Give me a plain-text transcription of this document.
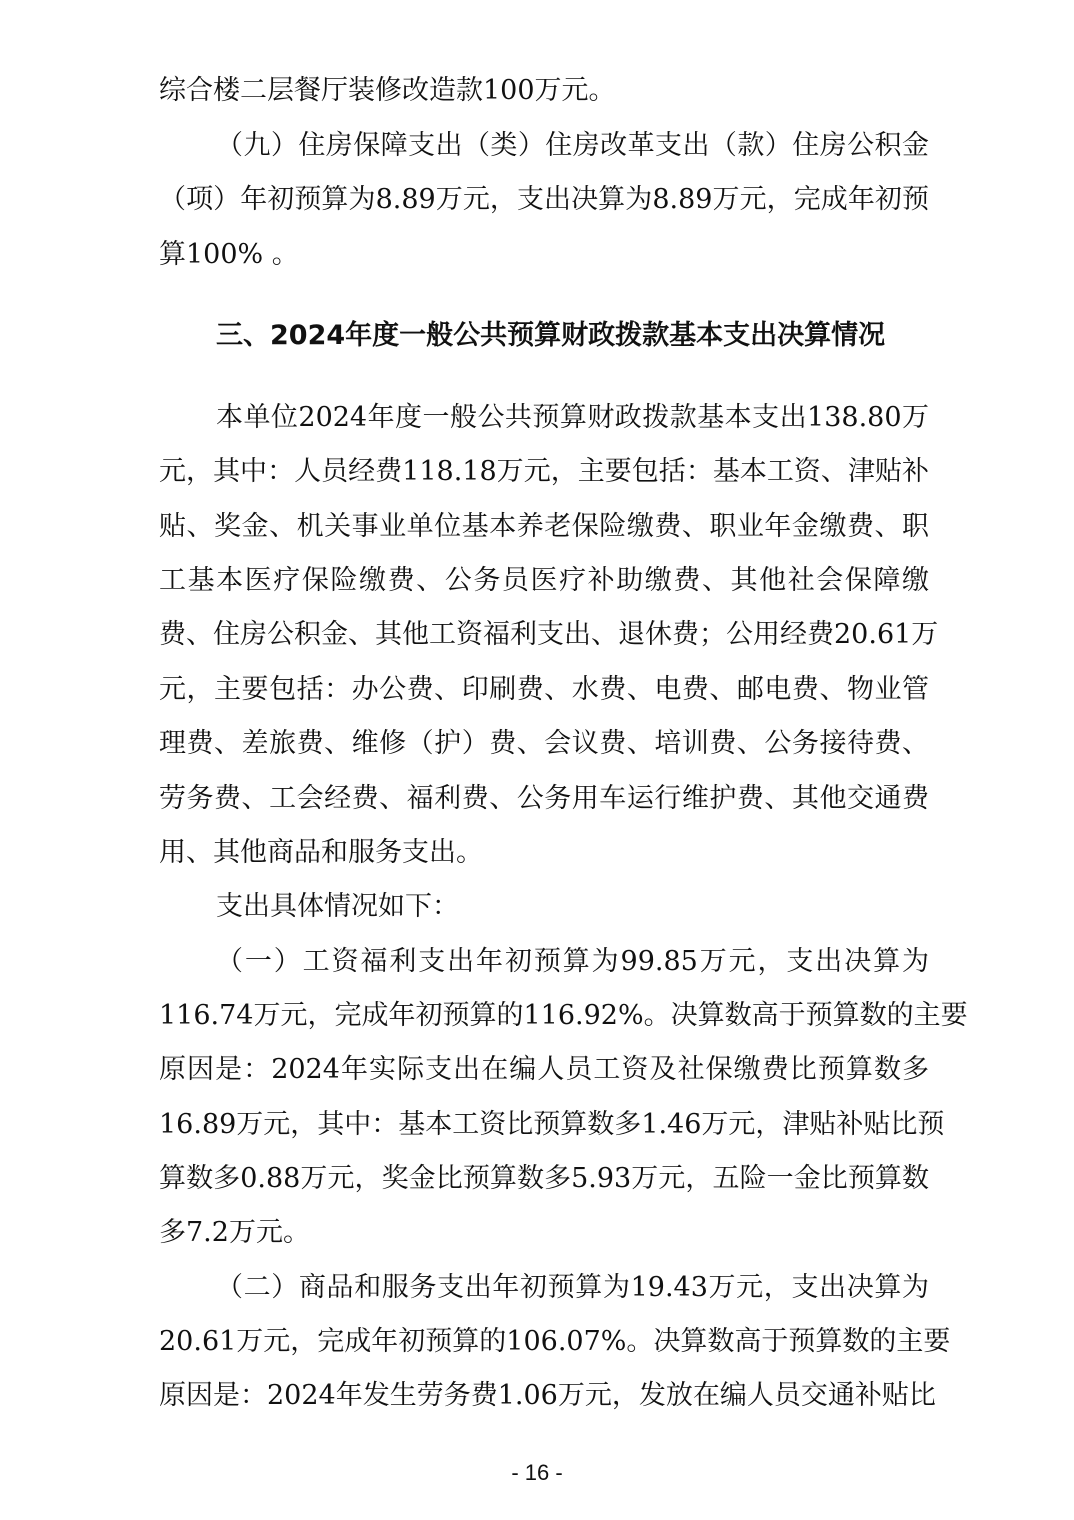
综合楼二层餐厅装修改造款100万元。
（九）住房保障支出（类）住房改革支出（款）住房公积金
（项）年初预算为8.89万元，支出决算为8.89万元，完成年初预
算100% 。
三、2024年度一般公共预算财政拨款基本支出决算情况
本单位2024年度一般公共预算财政拨款基本支出138.80万
元，其中：人员经费118.18万元，主要包括：基本工资、津贴补
贴、奖金、机关事业单位基本养老保险缴费、职业年金缴费、职
工基本医疗保险缴费、公务员医疗补助缴费、其他社会保障缴
费、住房公积金、其他工资福利支出、退休费；公用经费20.61万
元，主要包括：办公费、印刷费、水费、电费、邮电费、物业管
理费、差旅费、维修（护）费、会议费、培训费、公务接待费、
劳务费、工会经费、福利费、公务用车运行维护费、其他交通费
用、其他商品和服务支出。
支出具体情况如下：
（一）工资福利支出年初预算为99.85万元，支出决算为
116.74万元，完成年初预算的116.92%。决算数高于预算数的主要
原因是：2024年实际支出在编人员工资及社保缴费比预算数多
16.89万元，其中：基本工资比预算数多1.46万元，津贴补贴比预
算数多0.88万元，奖金比预算数多5.93万元，五险一金比预算数
多7.2万元。
（二）商品和服务支出年初预算为19.43万元，支出决算为
20.61万元，完成年初预算的106.07%。决算数高于预算数的主要
原因是：2024年发生劳务费1.06万元，发放在编人员交通补贴比
- 16 -
